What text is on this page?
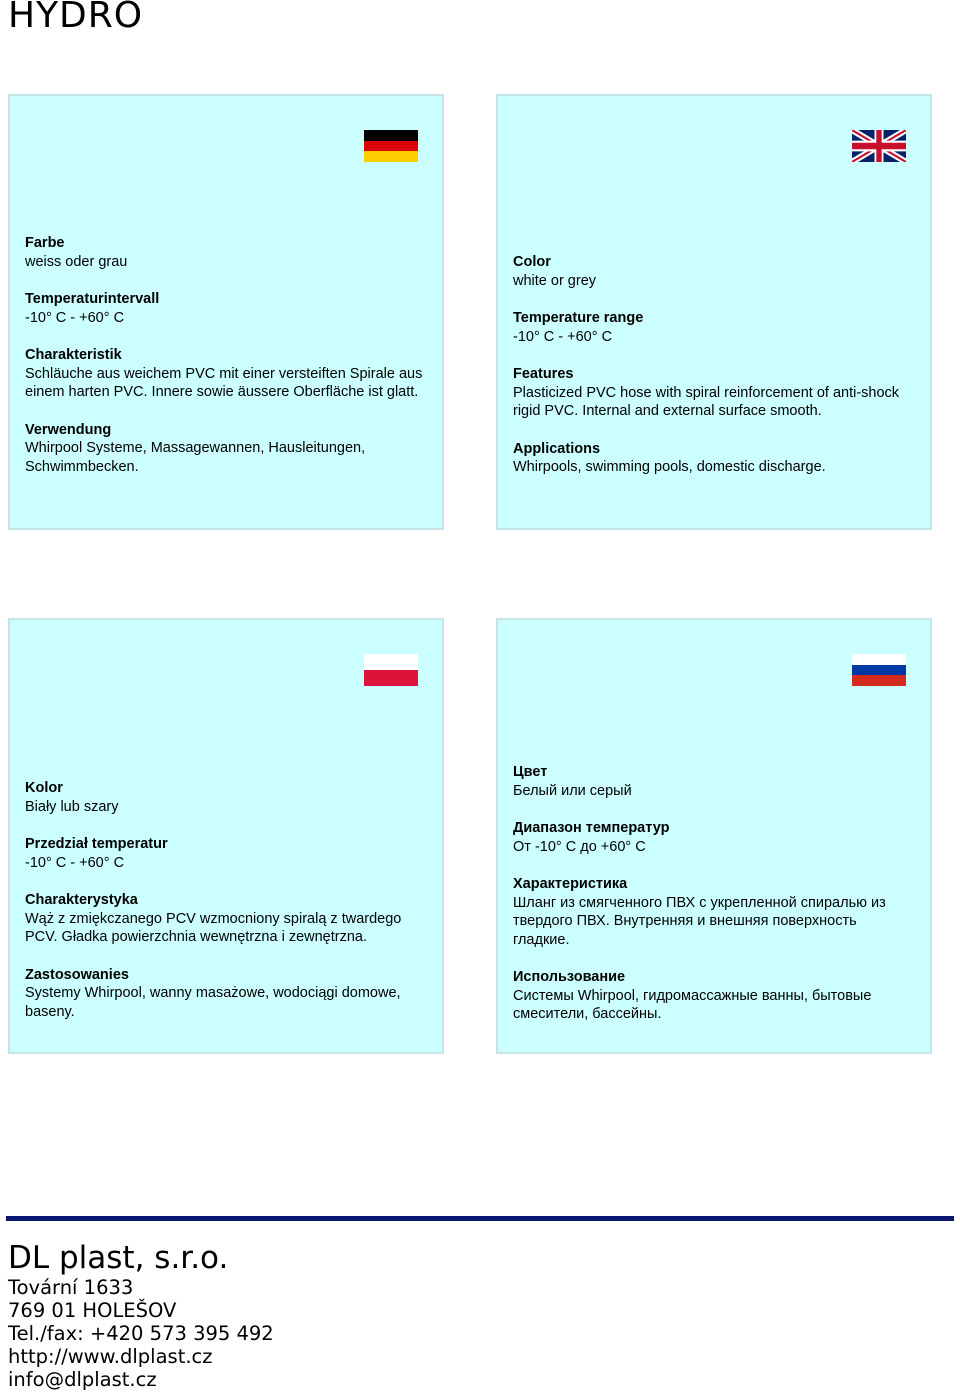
HYDRO
Farbe
weiss oder grau
Temperaturintervall
-10° C - +60° C
Charakteristik
Schläuche aus weichem PVC mit einer versteiften Spirale aus einem harten PVC. Innere sowie äussere Oberfläche ist glatt.
Verwendung
Whirpool Systeme, Massagewannen, Hausleitungen, Schwimmbecken.
Color
white or grey
Temperature range
-10° C - +60° C
Features
Plasticized PVC hose with spiral reinforcement of anti-shock rigid PVC. Internal and external surface smooth.
Applications
Whirpools, swimming pools, domestic discharge.
Kolor
Biały lub szary
Przedział temperatur
-10° C - +60° C
Charakterystyka
Wąż z zmiękczanego PCV wzmocniony spiralą z twardego PCV. Gładka powierzchnia wewnętrzna i zewnętrzna.
Zastosowanies
Systemy Whirpool, wanny masażowe, wodociągi domowe, baseny.
Цвет
Белый или серый
Диапазон температур
От -10° C до +60° C
Характеристика
Шланг из смягченного ПВХ с укрепленной спиралью из твердого ПВХ. Внутренняя и внешняя поверхность гладкие.
Использование
Системы Whirpool, гидромассажные ванны, бытовые смесители, бассейны.
DL plast, s.r.o.
Tovární 1633
769 01 HOLEŠOV
Tel./fax: +420 573 395 492
http://www.dlplast.cz
info@dlplast.cz
